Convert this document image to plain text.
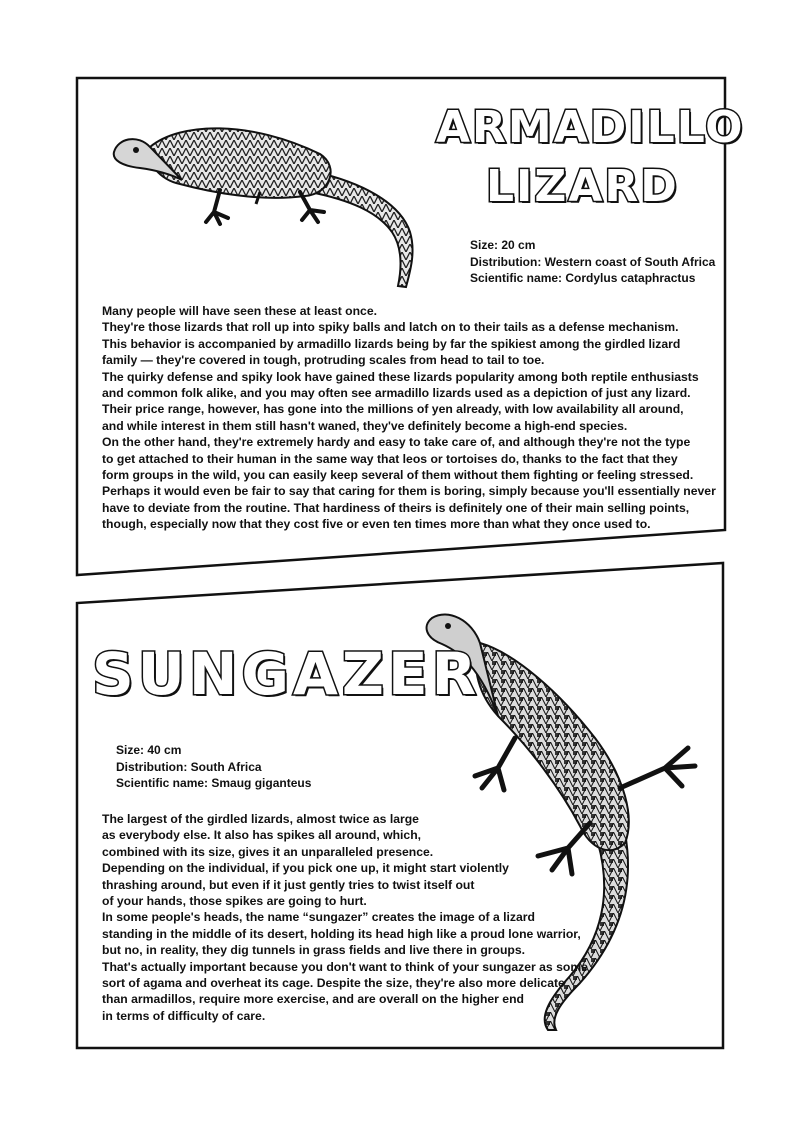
ARMADILLO
LIZARD
Size: 20 cm
Distribution: Western coast of South Africa
Scientific name: Cordylus cataphractus
Many people will have seen these at least once.
They're those lizards that roll up into spiky balls and latch on to their tails as a defense mechanism.
This behavior is accompanied by armadillo lizards being by far the spikiest among the girdled lizard
family — they're covered in tough, protruding scales from head to tail to toe.
The quirky defense and spiky look have gained these lizards popularity among both reptile enthusiasts
and common folk alike, and you may often see armadillo lizards used as a depiction of just any lizard.
Their price range, however, has gone into the millions of yen already, with low availability all around,
and while interest in them still hasn't waned, they've definitely become a high-end species.
On the other hand, they're extremely hardy and easy to take care of, and although they're not the type
to get attached to their human in the same way that leos or tortoises do, thanks to the fact that they
form groups in the wild, you can easily keep several of them without them fighting or feeling stressed.
Perhaps it would even be fair to say that caring for them is boring, simply because you'll essentially never
have to deviate from the routine. That hardiness of theirs is definitely one of their main selling points,
though, especially now that they cost five or even ten times more than what they once used to.
SUNGAZER
Size: 40 cm
Distribution: South Africa
Scientific name: Smaug giganteus
The largest of the girdled lizards, almost twice as large
as everybody else. It also has spikes all around, which,
combined with its size, gives it an unparalleled presence.
Depending on the individual, if you pick one up, it might start violently
thrashing around, but even if it just gently tries to twist itself out
of your hands, those spikes are going to hurt.
In some people's heads, the name “sungazer” creates the image of a lizard
standing in the middle of its desert, holding its head high like a proud lone warrior,
but no, in reality, they dig tunnels in grass fields and live there in groups.
That's actually important because you don't want to think of your sungazer as some
sort of agama and overheat its cage. Despite the size, they're also more delicate
than armadillos, require more exercise, and are overall on the higher end
in terms of difficulty of care.
